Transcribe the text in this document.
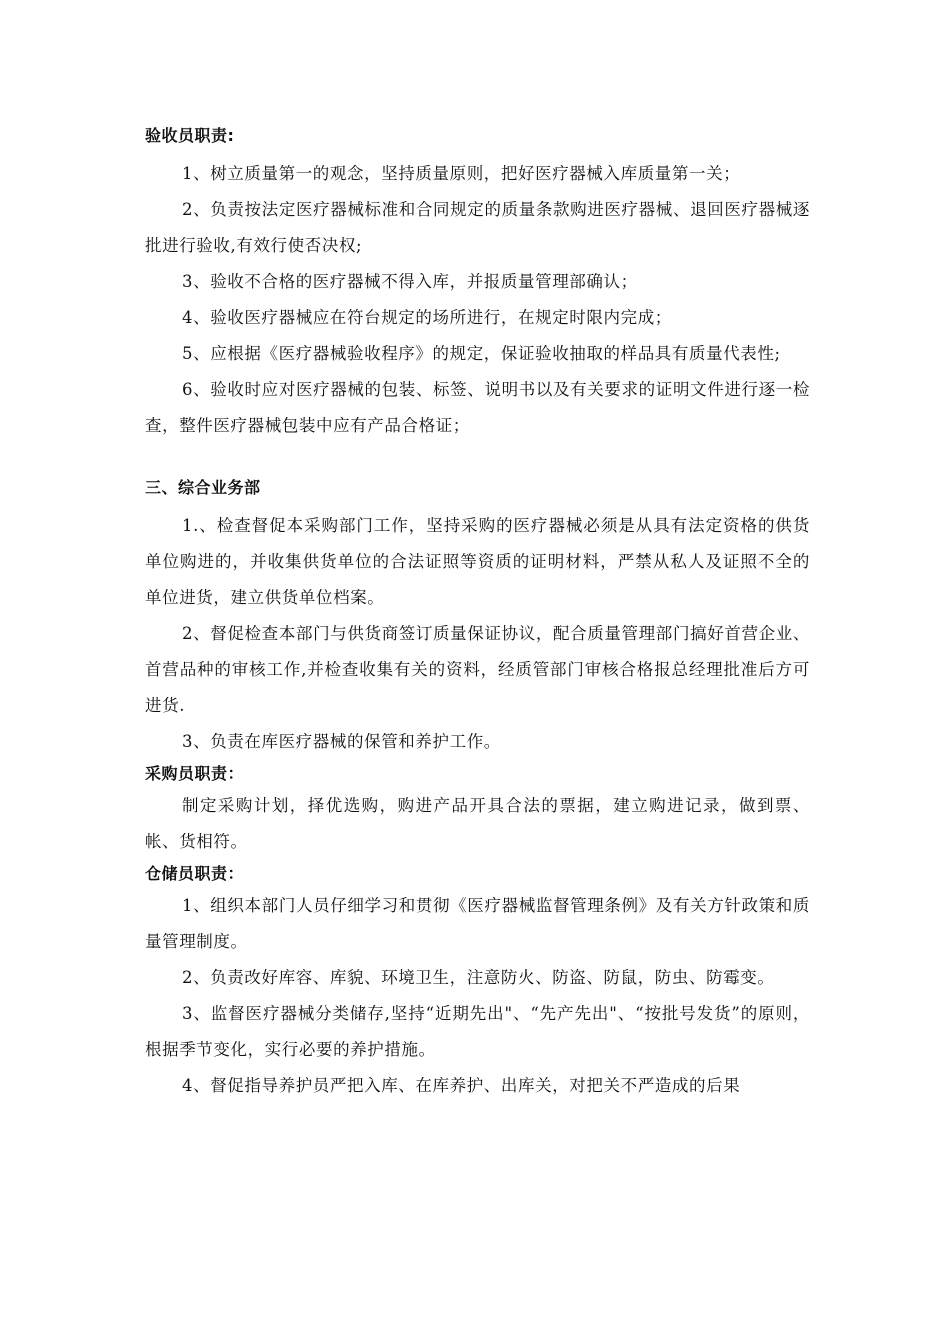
验收员职责:

1、树立质量第一的观念，坚持质量原则，把好医疗器械入库质量第一关；

2、负责按法定医疗器械标准和合同规定的质量条款购进医疗器械、退回医疗器械逐批进行验收,有效行使否决权;

3、验收不合格的医疗器械不得入库，并报质量管理部确认；

4、验收医疗器械应在符台规定的场所进行，在规定时限内完成；

5、应根据《医疗器械验收程序》的规定，保证验收抽取的样品具有质量代表性;

6、验收时应对医疗器械的包装、标签、说明书以及有关要求的证明文件进行逐一检查，整件医疗器械包装中应有产品合格证；

三、综合业务部

1.、检查督促本采购部门工作，坚持采购的医疗器械必须是从具有法定资格的供货单位购进的，并收集供货单位的合法证照等资质的证明材料，严禁从私人及证照不全的单位进货，建立供货单位档案。

2、督促检查本部门与供货商签订质量保证协议，配合质量管理部门搞好首营企业、首营品种的审核工作,并检查收集有关的资料，经质管部门审核合格报总经理批准后方可进货.

3、负责在库医疗器械的保管和养护工作。

采购员职责：

制定采购计划，择优选购，购进产品开具合法的票据，建立购进记录，做到票、帐、货相符。

仓储员职责：

1、组织本部门人员仔细学习和贯彻《医疗器械监督管理条例》及有关方针政策和质量管理制度。

2、负责改好库容、库貌、环境卫生，注意防火、防盗、防鼠，防虫、防霉变。

3、监督医疗器械分类储存,坚持“近期先出"、“先产先出"、“按批号发货”的原则，根据季节变化，实行必要的养护措施。

4、督促指导养护员严把入库、在库养护、出库关，对把关不严造成的后果
